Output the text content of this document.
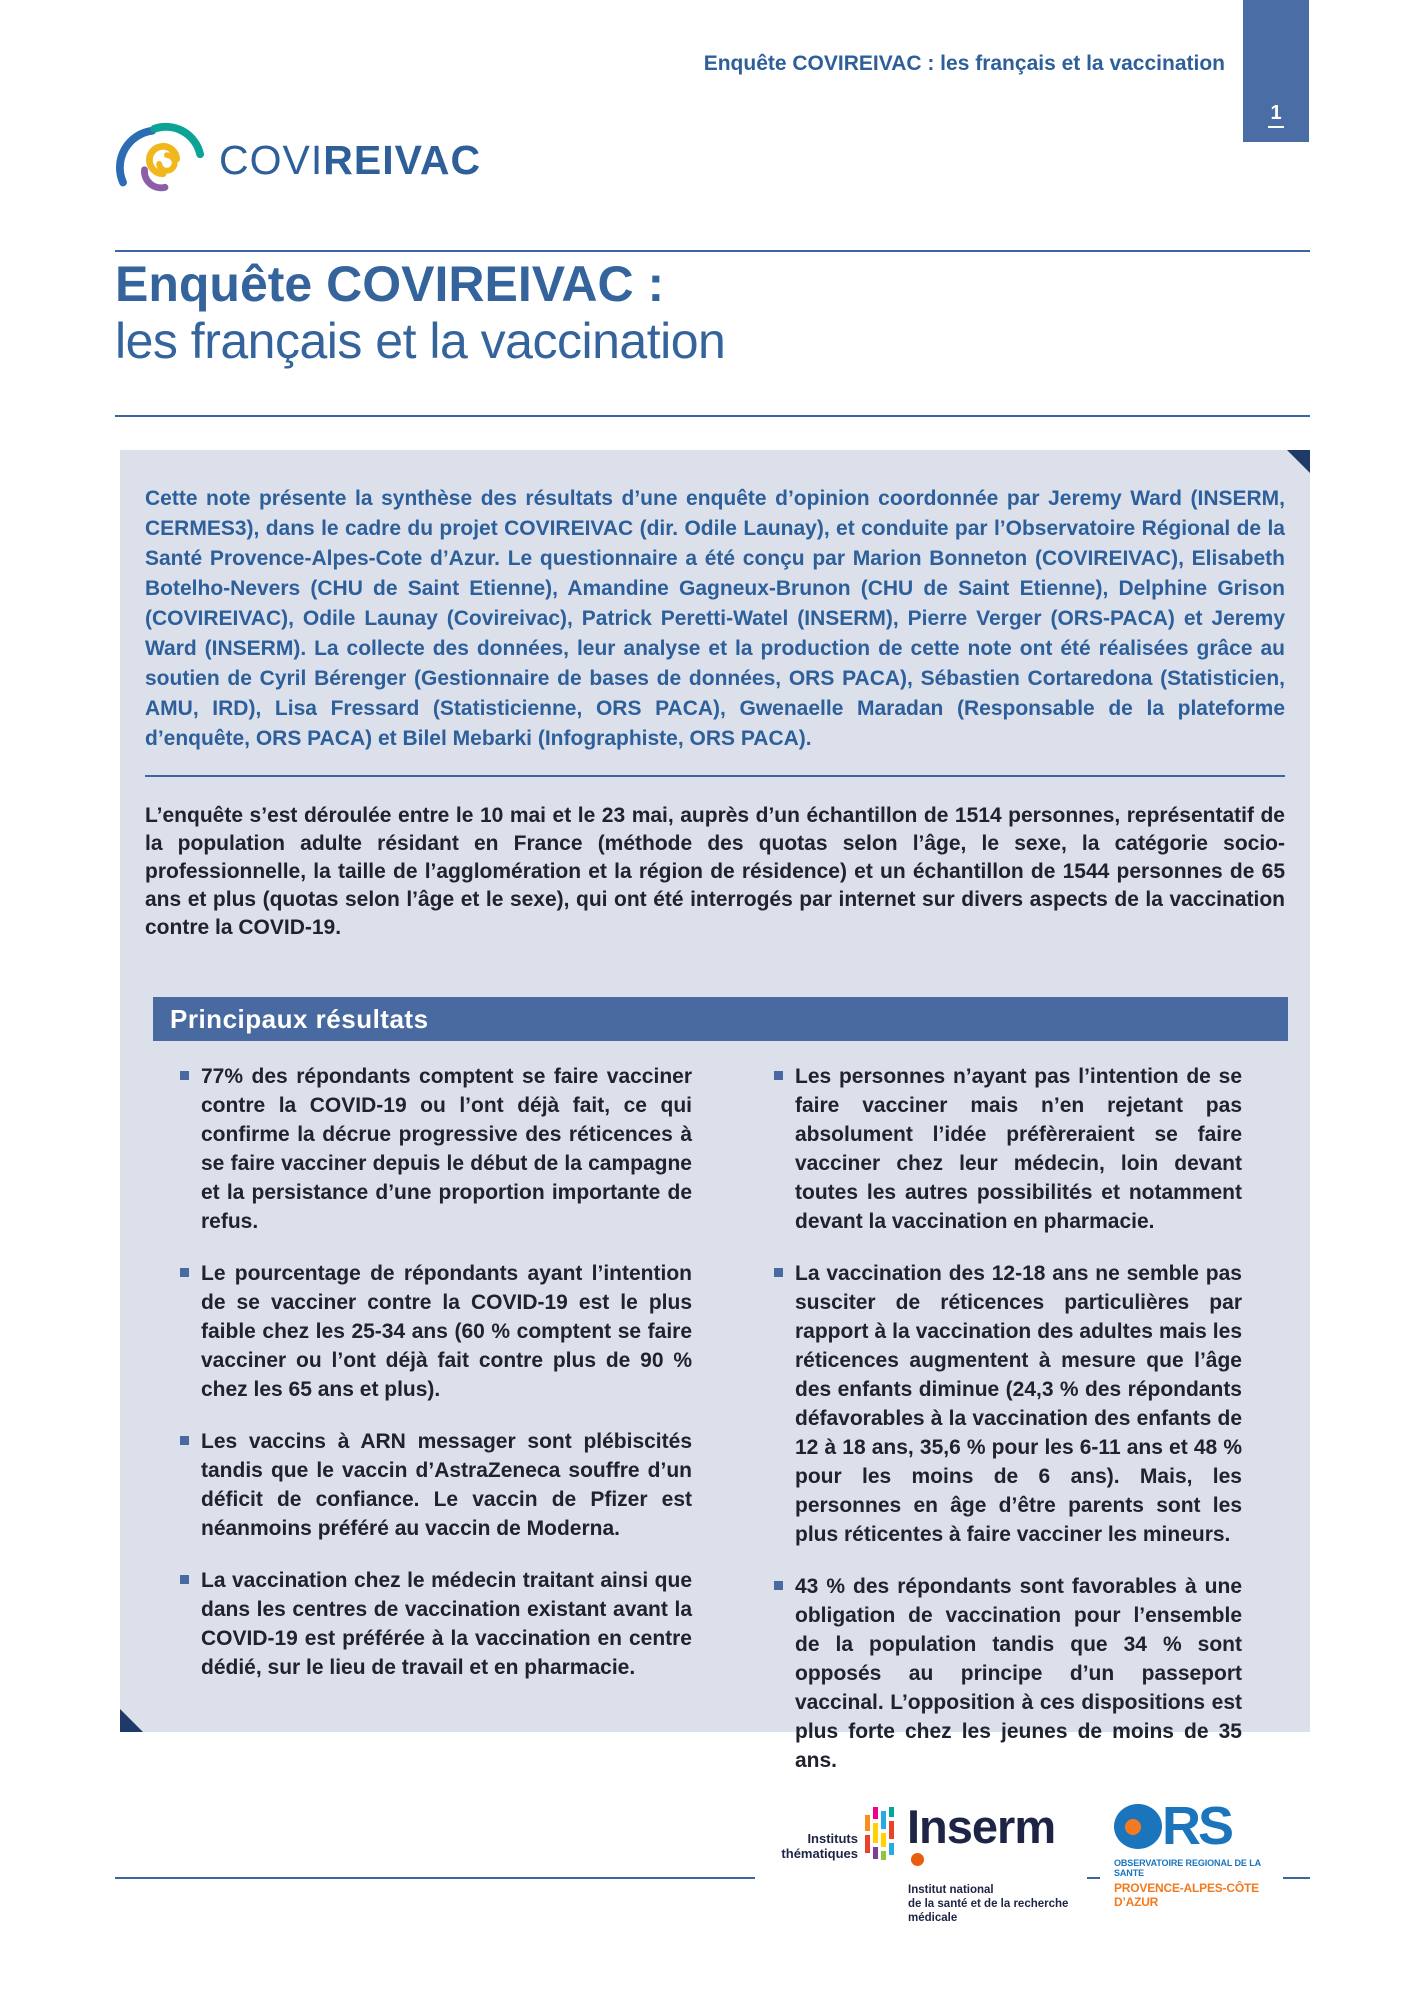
1
Enquête COVIREIVAC : les français et la vaccination
COVIREIVAC
Enquête COVIREIVAC :
les français et la vaccination

Cette note présente la synthèse des résultats d’une enquête d’opinion coordonnée par Jeremy Ward (INSERM, CERMES3), dans le cadre du projet COVIREIVAC (dir. Odile Launay), et conduite par l’Observatoire Régional de la Santé Provence-Alpes-Cote d’Azur. Le questionnaire a été conçu par Marion Bonneton (COVIREIVAC), Elisabeth Botelho-Nevers (CHU de Saint Etienne), Amandine Gagneux-Brunon (CHU de Saint Etienne), Delphine Grison (COVIREIVAC), Odile Launay (Covireivac), Patrick Peretti-Watel (INSERM), Pierre Verger (ORS-PACA) et Jeremy Ward (INSERM). La collecte des données, leur analyse et la production de cette note ont été réalisées grâce au soutien de Cyril Bérenger (Gestionnaire de bases de données, ORS PACA), Sébastien Cortaredona (Statisticien, AMU, IRD), Lisa Fressard (Statisticienne, ORS PACA), Gwenaelle Maradan (Responsable de la plateforme d’enquête, ORS PACA) et Bilel Mebarki (Infographiste, ORS PACA).

L’enquête s’est déroulée entre le 10 mai et le 23 mai, auprès d’un échantillon de 1514 personnes, représentatif de la population adulte résidant en France (méthode des quotas selon l’âge, le sexe, la catégorie socio-professionnelle, la taille de l’agglomération et la région de résidence) et un échantillon de 1544 personnes de 65 ans et plus (quotas selon l’âge et le sexe), qui ont été interrogés par internet sur divers aspects de la vaccination contre la COVID-19.

Principaux résultats
77% des répondants comptent se faire vacciner contre la COVID-19 ou l’ont déjà fait, ce qui confirme la décrue progressive des réticences à se faire vacciner depuis le début de la campagne et la persistance d’une proportion importante de refus.
Le pourcentage de répondants ayant l’intention de se vacciner contre la COVID-19 est le plus faible chez les 25-34 ans (60 % comptent se faire vacciner ou l’ont déjà fait contre plus de 90 % chez les 65 ans et plus).
Les vaccins à ARN messager sont plébiscités tandis que le vaccin d’AstraZeneca souffre d’un déficit de confiance. Le vaccin de Pfizer est néanmoins préféré au vaccin de Moderna.
La vaccination chez le médecin traitant ainsi que dans les centres de vaccination existant avant la COVID-19 est préférée à la vaccination en centre dédié, sur le lieu de travail et en pharmacie.
Les personnes n’ayant pas l’intention de se faire vacciner mais n’en rejetant pas absolument l’idée préfèreraient se faire vacciner chez leur médecin, loin devant toutes les autres possibilités et notamment devant la vaccination en pharmacie.
La vaccination des 12-18 ans ne semble pas susciter de réticences particulières par rapport à la vaccination des adultes mais les réticences augmentent à mesure que l’âge des enfants diminue (24,3 % des répondants défavorables à la vaccination des enfants de 12 à 18 ans, 35,6 % pour les 6-11 ans et 48 % pour les moins de 6 ans). Mais, les personnes en âge d’être parents sont les plus réticentes à faire vacciner les mineurs.
43 % des répondants sont favorables à une obligation de vaccination pour l’ensemble de la population tandis que 34 % sont opposés au principe d’un passeport vaccinal. L’opposition à ces dispositions est plus forte chez les jeunes de moins de 35 ans.
Instituts
thématiques
Inserm
Institut national
de la santé et de la recherche médicale
RS
OBSERVATOIRE REGIONAL DE LA SANTE
PROVENCE-ALPES-CÔTE D’AZUR
